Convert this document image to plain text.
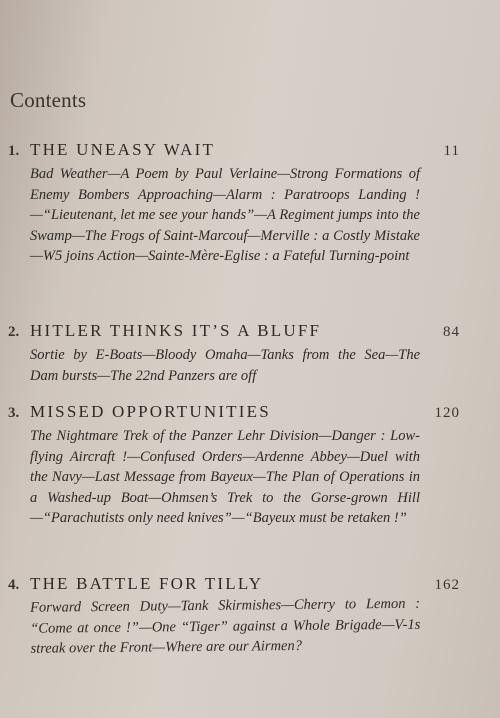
Contents
1. THE UNEASY WAIT	11

Bad Weather—A Poem by Paul Verlaine—Strong Formations of Enemy Bombers Approaching—Alarm : Paratroops Landing !—“Lieutenant, let me see your hands”—A Regiment jumps into the Swamp—The Frogs of Saint-Marcouf—Merville : a Costly Mistake —W5 joins Action—Sainte-Mère-Eglise : a Fateful Turning-point

2. HITLER THINKS IT’S A BLUFF	84

Sortie by E-Boats—Bloody Omaha—Tanks from the Sea—The Dam bursts—The 22nd Panzers are off

3. MISSED OPPORTUNITIES	120

The Nightmare Trek of the Panzer Lehr Division—Danger : Low-flying Aircraft !—Confused Orders—Ardenne Abbey—Duel with the Navy—Last Message from Bayeux—The Plan of Operations in a Washed-up Boat—Ohmsen’s Trek to the Gorse-grown Hill—“Parachutists only need knives”—“Bayeux must be retaken !”

4. THE BATTLE FOR TILLY	162

Forward Screen Duty—Tank Skirmishes—Cherry to Lemon : “Come at once !”—One “Tiger” against a Whole Brigade—V-1s streak over the Front—Where are our Airmen?
